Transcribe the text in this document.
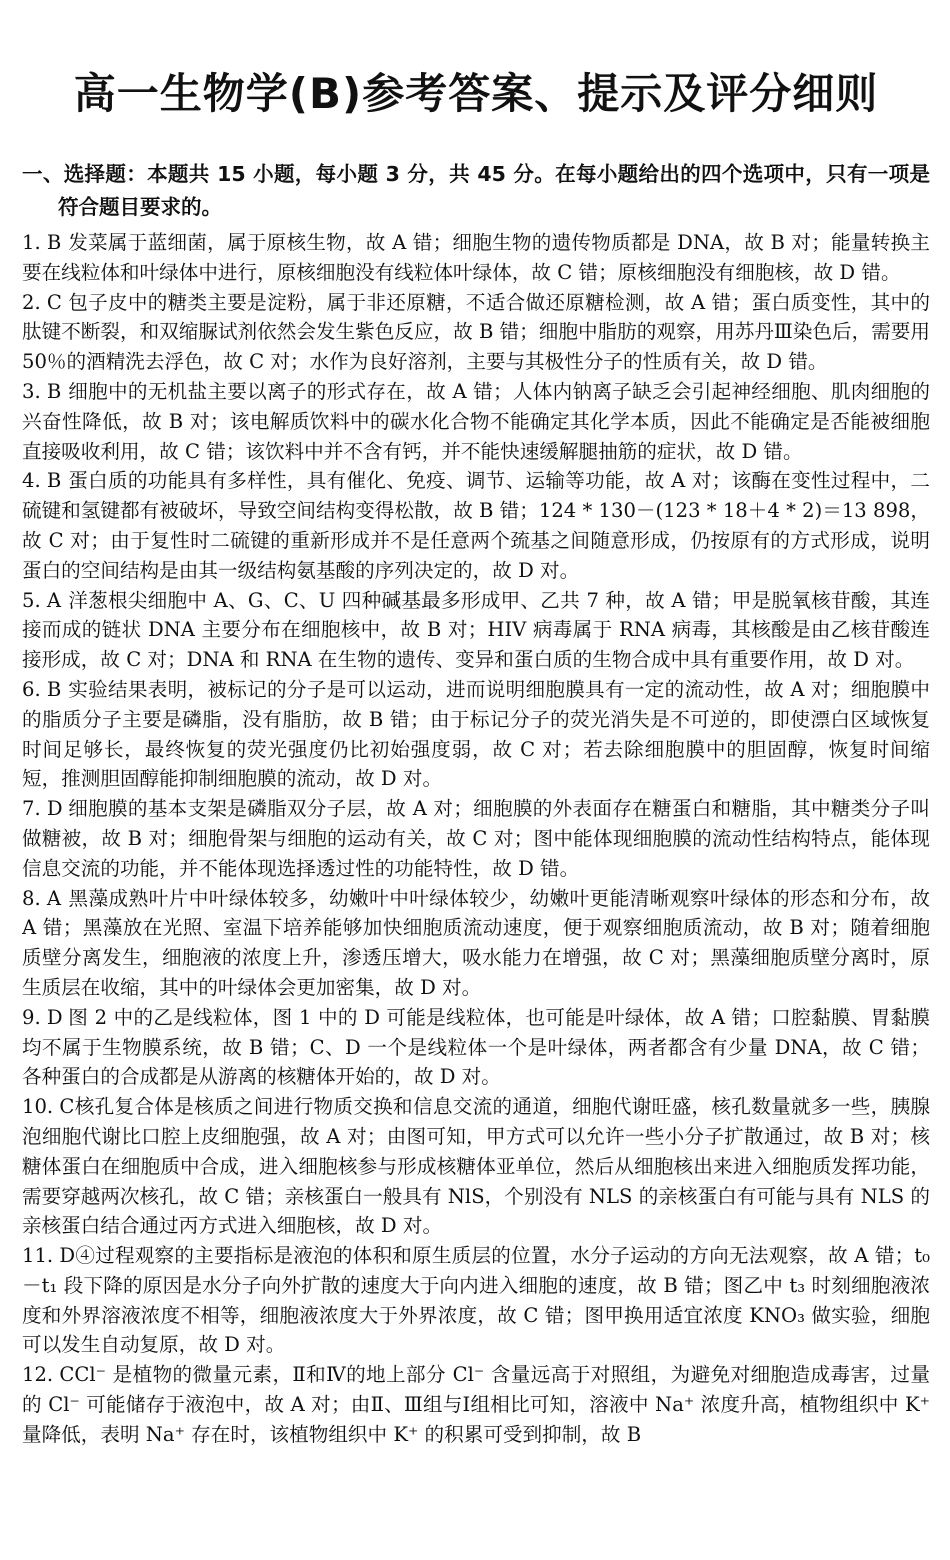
高一生物学(B)参考答案、提示及评分细则
一、选择题：本题共 15 小题，每小题 3 分，共 45 分。在每小题给出的四个选项中，只有一项是符合题目要求的。

1. B 发菜属于蓝细菌，属于原核生物，故 A 错；细胞生物的遗传物质都是 DNA，故 B 对；能量转换主要在线粒体和叶绿体中进行，原核细胞没有线粒体叶绿体，故 C 错；原核细胞没有细胞核，故 D 错。

2. C 包子皮中的糖类主要是淀粉，属于非还原糖，不适合做还原糖检测，故 A 错；蛋白质变性，其中的肽键不断裂，和双缩脲试剂依然会发生紫色反应，故 B 错；细胞中脂肪的观察，用苏丹Ⅲ染色后，需要用 50％的酒精洗去浮色，故 C 对；水作为良好溶剂，主要与其极性分子的性质有关，故 D 错。

3. B 细胞中的无机盐主要以离子的形式存在，故 A 错；人体内钠离子缺乏会引起神经细胞、肌肉细胞的兴奋性降低，故 B 对；该电解质饮料中的碳水化合物不能确定其化学本质，因此不能确定是否能被细胞直接吸收利用，故 C 错；该饮料中并不含有钙，并不能快速缓解腿抽筋的症状，故 D 错。

4. B 蛋白质的功能具有多样性，具有催化、免疫、调节、运输等功能，故 A 对；该酶在变性过程中，二硫键和氢键都有被破坏，导致空间结构变得松散，故 B 错；124 * 130－(123 * 18＋4 * 2)＝13 898，故 C 对；由于复性时二硫键的重新形成并不是任意两个巯基之间随意形成，仍按原有的方式形成，说明蛋白的空间结构是由其一级结构氨基酸的序列决定的，故 D 对。

5. A 洋葱根尖细胞中 A、G、C、U 四种碱基最多形成甲、乙共 7 种，故 A 错；甲是脱氧核苷酸，其连接而成的链状 DNA 主要分布在细胞核中，故 B 对；HIV 病毒属于 RNA 病毒，其核酸是由乙核苷酸连接形成，故 C 对；DNA 和 RNA 在生物的遗传、变异和蛋白质的生物合成中具有重要作用，故 D 对。

6. B 实验结果表明，被标记的分子是可以运动，进而说明细胞膜具有一定的流动性，故 A 对；细胞膜中的脂质分子主要是磷脂，没有脂肪，故 B 错；由于标记分子的荧光消失是不可逆的，即使漂白区域恢复时间足够长，最终恢复的荧光强度仍比初始强度弱，故 C 对；若去除细胞膜中的胆固醇，恢复时间缩短，推测胆固醇能抑制细胞膜的流动，故 D 对。

7. D 细胞膜的基本支架是磷脂双分子层，故 A 对；细胞膜的外表面存在糖蛋白和糖脂，其中糖类分子叫做糖被，故 B 对；细胞骨架与细胞的运动有关，故 C 对；图中能体现细胞膜的流动性结构特点，能体现信息交流的功能，并不能体现选择透过性的功能特性，故 D 错。

8. A 黑藻成熟叶片中叶绿体较多，幼嫩叶中叶绿体较少，幼嫩叶更能清晰观察叶绿体的形态和分布，故 A 错；黑藻放在光照、室温下培养能够加快细胞质流动速度，便于观察细胞质流动，故 B 对；随着细胞质壁分离发生，细胞液的浓度上升，渗透压增大，吸水能力在增强，故 C 对；黑藻细胞质壁分离时，原生质层在收缩，其中的叶绿体会更加密集，故 D 对。

9. D 图 2 中的乙是线粒体，图 1 中的 D 可能是线粒体，也可能是叶绿体，故 A 错；口腔黏膜、胃黏膜均不属于生物膜系统，故 B 错；C、D 一个是线粒体一个是叶绿体，两者都含有少量 DNA，故 C 错；各种蛋白的合成都是从游离的核糖体开始的，故 D 对。

10. C核孔复合体是核质之间进行物质交换和信息交流的通道，细胞代谢旺盛，核孔数量就多一些，胰腺泡细胞代谢比口腔上皮细胞强，故 A 对；由图可知，甲方式可以允许一些小分子扩散通过，故 B 对；核糖体蛋白在细胞质中合成，进入细胞核参与形成核糖体亚单位，然后从细胞核出来进入细胞质发挥功能，需要穿越两次核孔，故 C 错；亲核蛋白一般具有 NlS，个别没有 NLS 的亲核蛋白有可能与具有 NLS 的亲核蛋白结合通过丙方式进入细胞核，故 D 对。

11. D④过程观察的主要指标是液泡的体积和原生质层的位置，水分子运动的方向无法观察，故 A 错；t₀－t₁ 段下降的原因是水分子向外扩散的速度大于向内进入细胞的速度，故 B 错；图乙中 t₃ 时刻细胞液浓度和外界溶液浓度不相等，细胞液浓度大于外界浓度，故 C 错；图甲换用适宜浓度 KNO₃ 做实验，细胞可以发生自动复原，故 D 对。

12. CCl⁻ 是植物的微量元素，Ⅱ和Ⅳ的地上部分 Cl⁻ 含量远高于对照组，为避免对细胞造成毒害，过量的 Cl⁻ 可能储存于液泡中，故 A 对；由Ⅱ、Ⅲ组与Ⅰ组相比可知，溶液中 Na⁺ 浓度升高，植物组织中 K⁺ 量降低，表明 Na⁺ 存在时，该植物组织中 K⁺ 的积累可受到抑制，故 B
